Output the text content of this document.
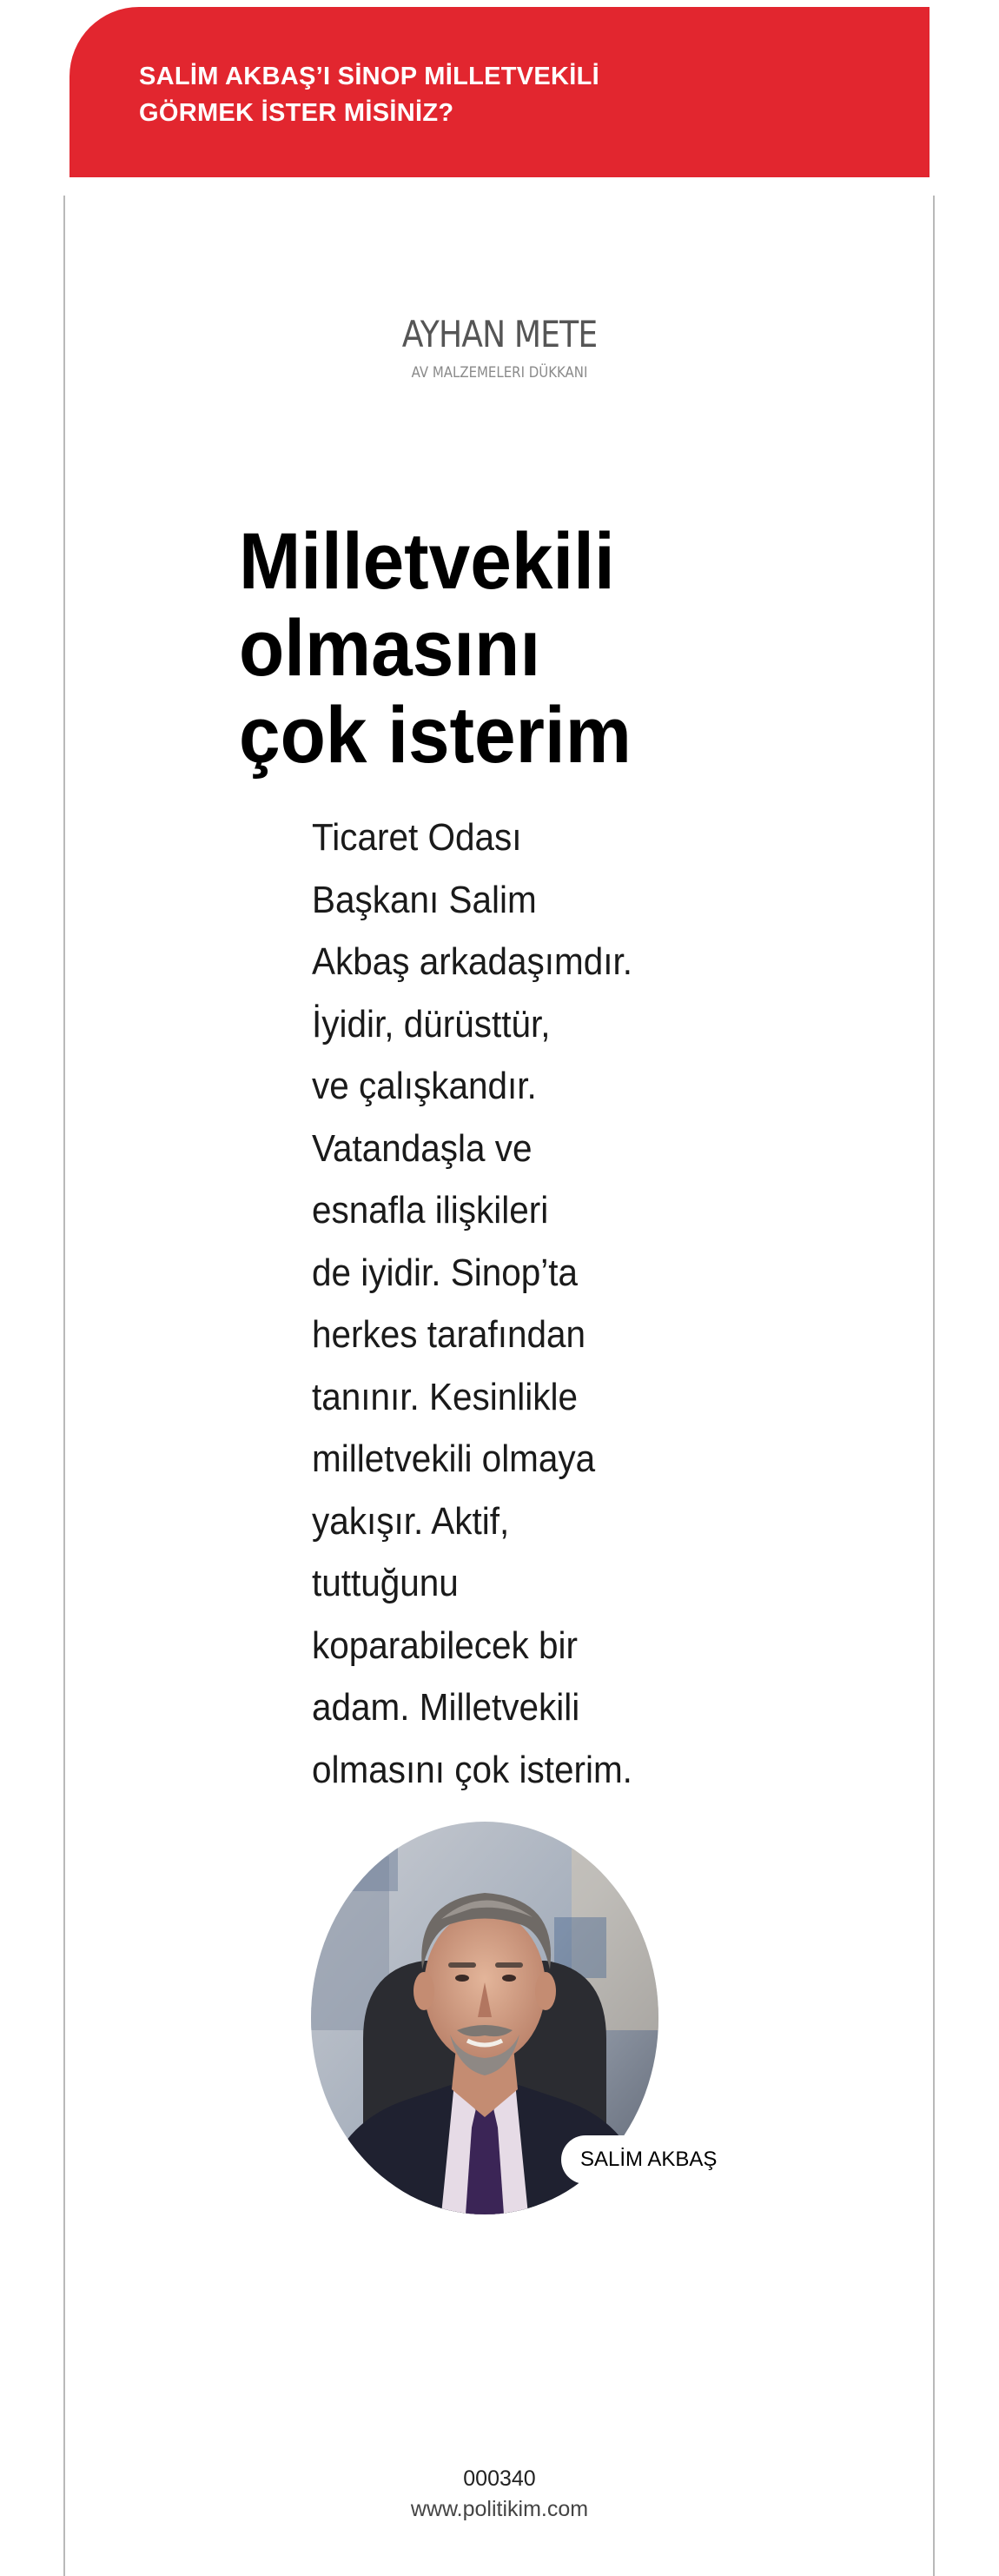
SALİM AKBAŞ’I SİNOP MİLLETVEKİLİ
GÖRMEK İSTER MİSİNİZ?
AYHAN METE
AV MALZEMELERI DÜKKANI
Milletvekili
olmasını
çok isterim
Ticaret Odası
Başkanı Salim
Akbaş arkadaşımdır.
İyidir, dürüsttür,
ve çalışkandır.
Vatandaşla ve
esnafla ilişkileri
de iyidir. Sinop’ta
herkes tarafından
tanınır. Kesinlikle
milletvekili olmaya
yakışır. Aktif,
tuttuğunu
koparabilecek bir
adam. Milletvekili
olmasını çok isterim.
SALİM AKBAŞ
000340
www.politikim.com
